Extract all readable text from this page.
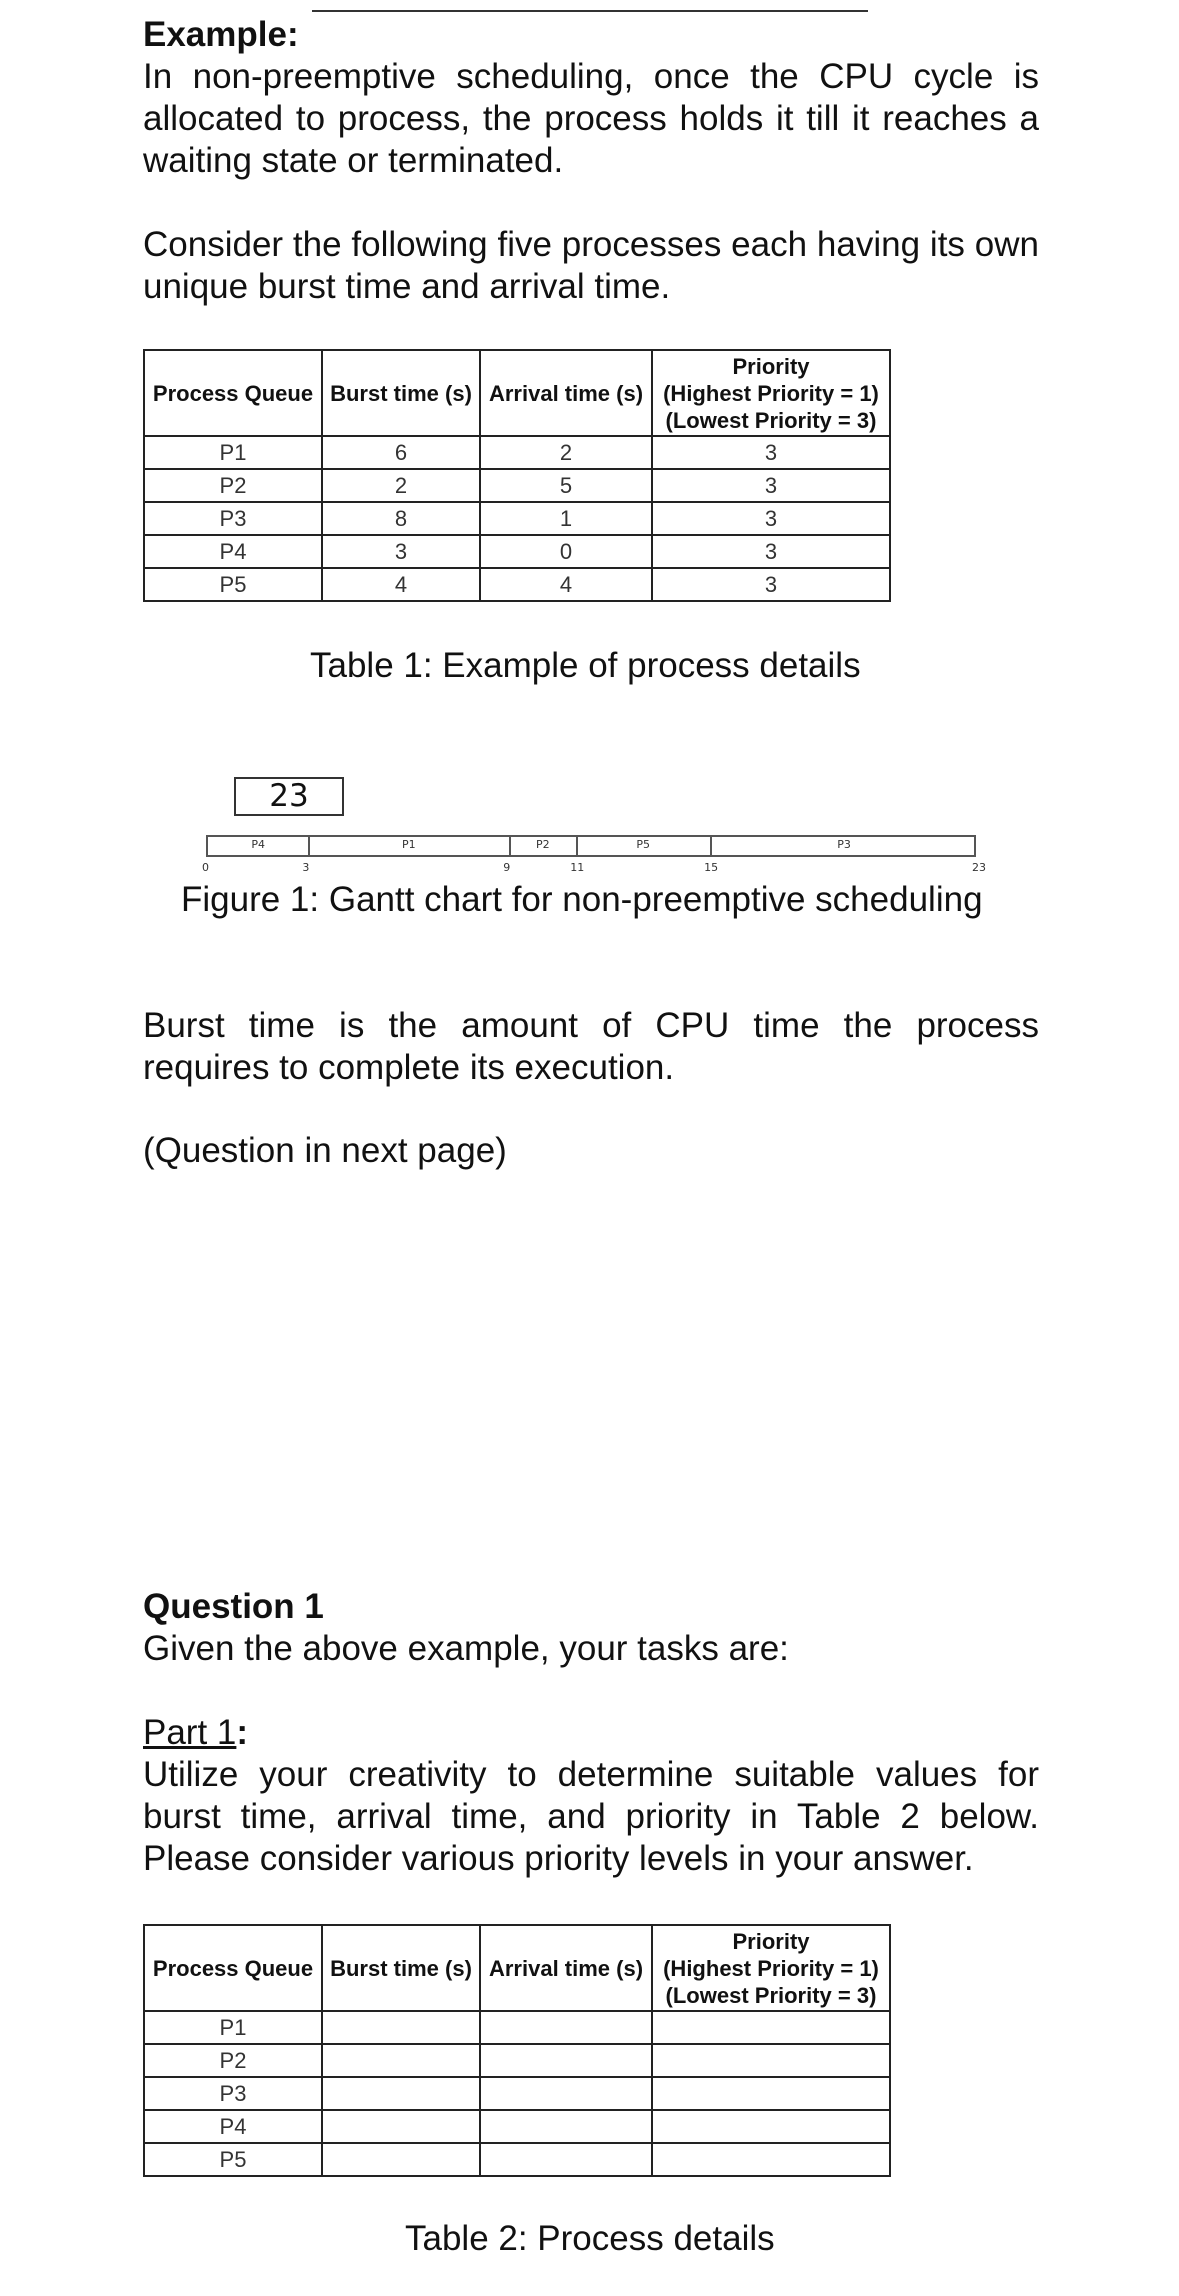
Example:
In non-preemptive scheduling, once the CPU cycle is allocated to process, the process holds it till it reaches a waiting state or terminated.
Consider the following five processes each having its own unique burst time and arrival time.
Process Queue	Burst time (s)	Arrival time (s)	Priority
(Highest Priority = 1)
(Lowest Priority = 3)

P1	6	2	3
P2	2	5	3
P3	8	1	3
P4	3	0	3
P5	4	4	3
Table 1: Example of process details
23
P4	P1	P2	P5	P3
0	3	9	11	15	23
Figure 1: Gantt chart for non-preemptive scheduling
Burst time is the amount of CPU time the process requires to complete its execution.
(Question in next page)
Question 1
Given the above example, your tasks are:
Part 1:
Utilize your creativity to determine suitable values for burst time, arrival time, and priority in Table 2 below. Please consider various priority levels in your answer.
Process Queue	Burst time (s)	Arrival time (s)	Priority
(Highest Priority = 1)
(Lowest Priority = 3)

P1			
P2			
P3			
P4			
P5			
Table 2: Process details
